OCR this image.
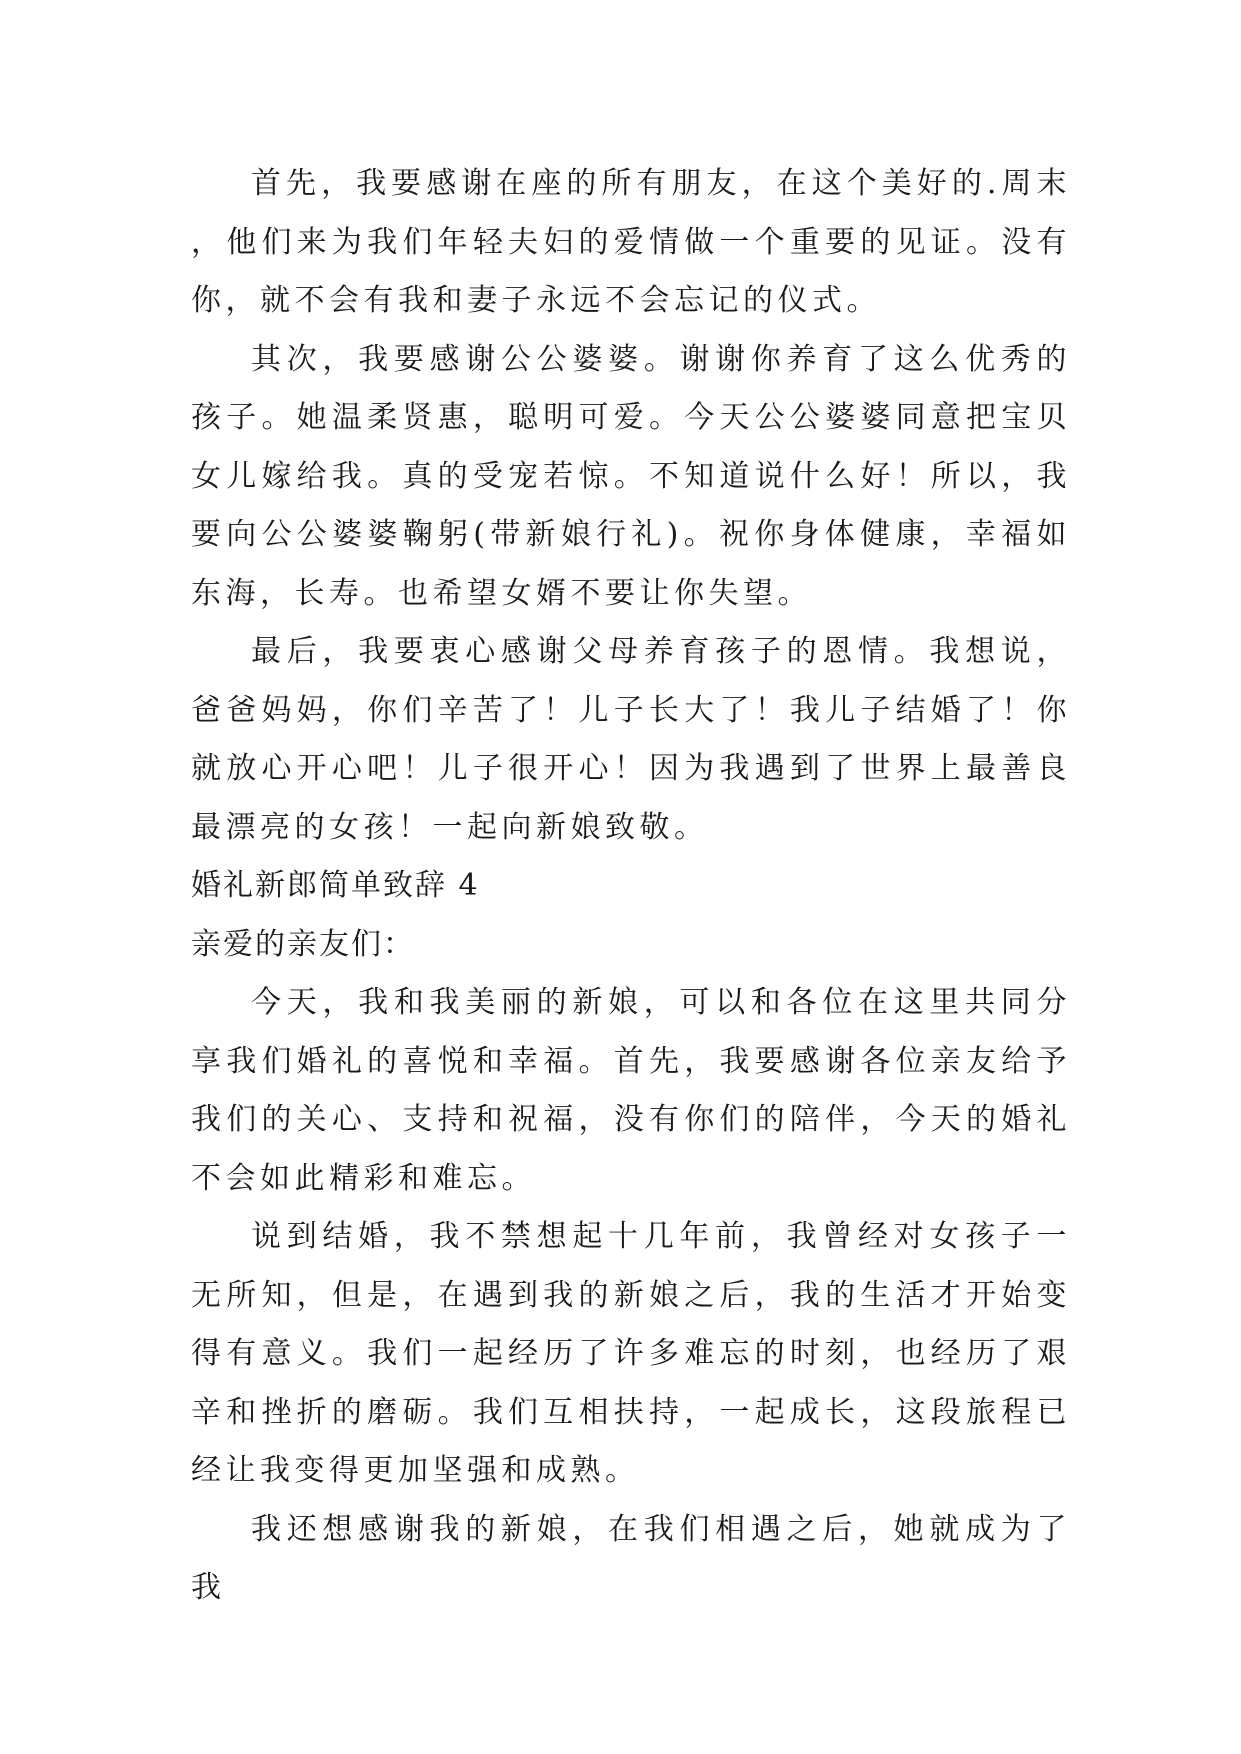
首先，我要感谢在座的所有朋友，在这个美好的.周末，他们来为我们年轻夫妇的爱情做一个重要的见证。没有你，就不会有我和妻子永远不会忘记的仪式。

其次，我要感谢公公婆婆。谢谢你养育了这么优秀的孩子。她温柔贤惠，聪明可爱。今天公公婆婆同意把宝贝女儿嫁给我。真的受宠若惊。不知道说什么好！所以，我要向公公婆婆鞠躬(带新娘行礼)。祝你身体健康，幸福如东海，长寿。也希望女婿不要让你失望。

最后，我要衷心感谢父母养育孩子的恩情。我想说，爸爸妈妈，你们辛苦了！儿子长大了！我儿子结婚了！你就放心开心吧！儿子很开心！因为我遇到了世界上最善良最漂亮的女孩！一起向新娘致敬。

婚礼新郎简单致辞 4

亲爱的亲友们：

今天，我和我美丽的新娘，可以和各位在这里共同分享我们婚礼的喜悦和幸福。首先，我要感谢各位亲友给予我们的关心、支持和祝福，没有你们的陪伴，今天的婚礼不会如此精彩和难忘。

说到结婚，我不禁想起十几年前，我曾经对女孩子一无所知，但是，在遇到我的新娘之后，我的生活才开始变得有意义。我们一起经历了许多难忘的时刻，也经历了艰辛和挫折的磨砺。我们互相扶持，一起成长，这段旅程已经让我变得更加坚强和成熟。

我还想感谢我的新娘，在我们相遇之后，她就成为了我
